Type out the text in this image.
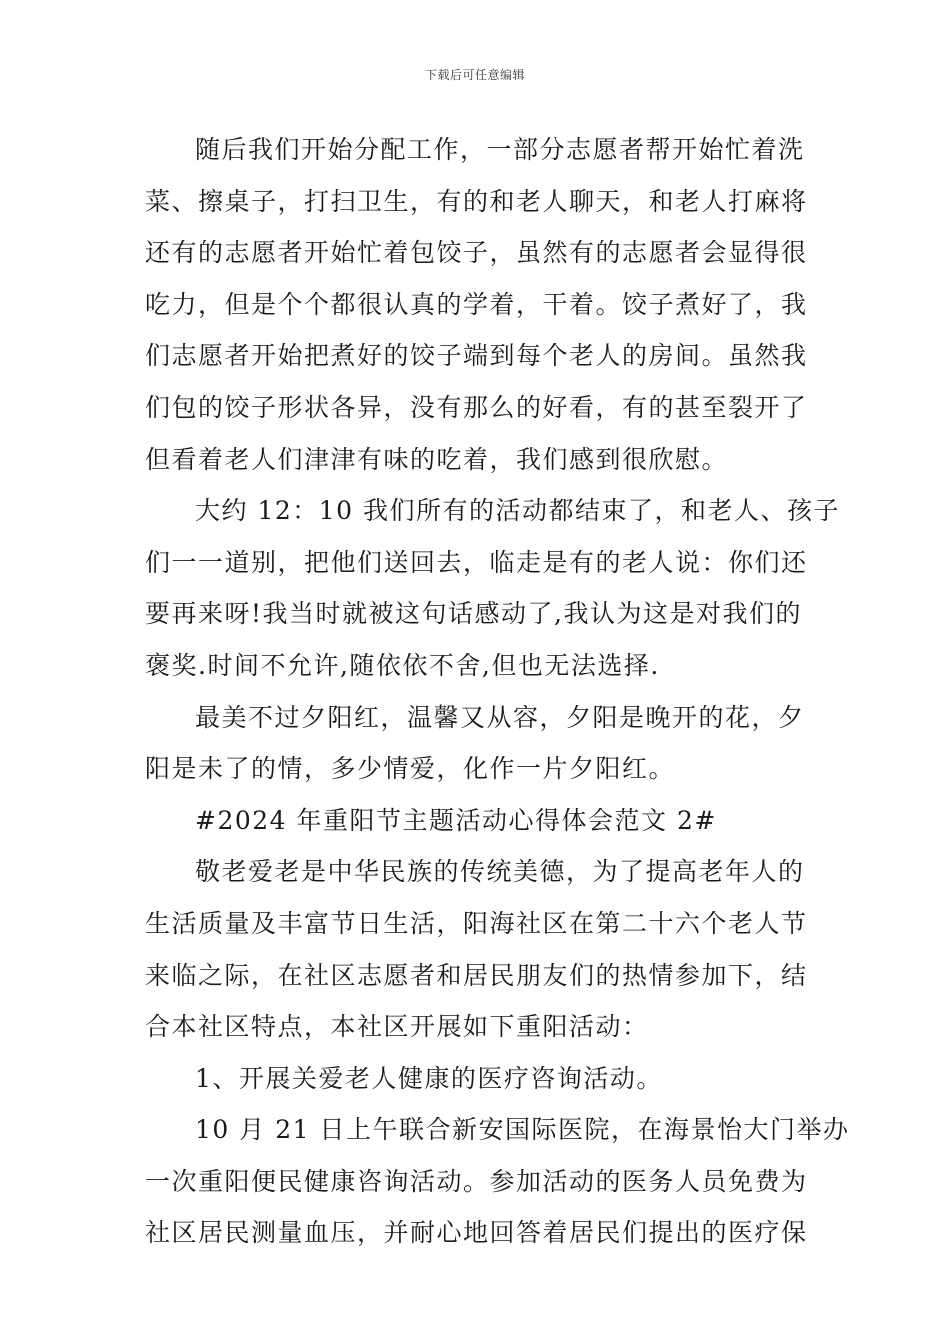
下载后可任意编辑
随后我们开始分配工作，一部分志愿者帮开始忙着洗
菜、擦桌子，打扫卫生，有的和老人聊天，和老人打麻将
还有的志愿者开始忙着包饺子，虽然有的志愿者会显得很
吃力，但是个个都很认真的学着，干着。饺子煮好了，我
们志愿者开始把煮好的饺子端到每个老人的房间。虽然我
们包的饺子形状各异，没有那么的好看，有的甚至裂开了
但看着老人们津津有味的吃着，我们感到很欣慰。
大约 12：10 我们所有的活动都结束了，和老人、孩子
们一一道别，把他们送回去，临走是有的老人说：你们还
要再来呀!我当时就被这句话感动了,我认为这是对我们的
褒奖.时间不允许,随依依不舍,但也无法选择.
最美不过夕阳红，温馨又从容，夕阳是晚开的花，夕
阳是未了的情，多少情爱，化作一片夕阳红。
#2024 年重阳节主题活动心得体会范文 2#
敬老爱老是中华民族的传统美德，为了提高老年人的
生活质量及丰富节日生活，阳海社区在第二十六个老人节
来临之际，在社区志愿者和居民朋友们的热情参加下，结
合本社区特点，本社区开展如下重阳活动：
1、开展关爱老人健康的医疗咨询活动。
10 月 21 日上午联合新安国际医院，在海景怡大门举办
一次重阳便民健康咨询活动。参加活动的医务人员免费为
社区居民测量血压，并耐心地回答着居民们提出的医疗保
